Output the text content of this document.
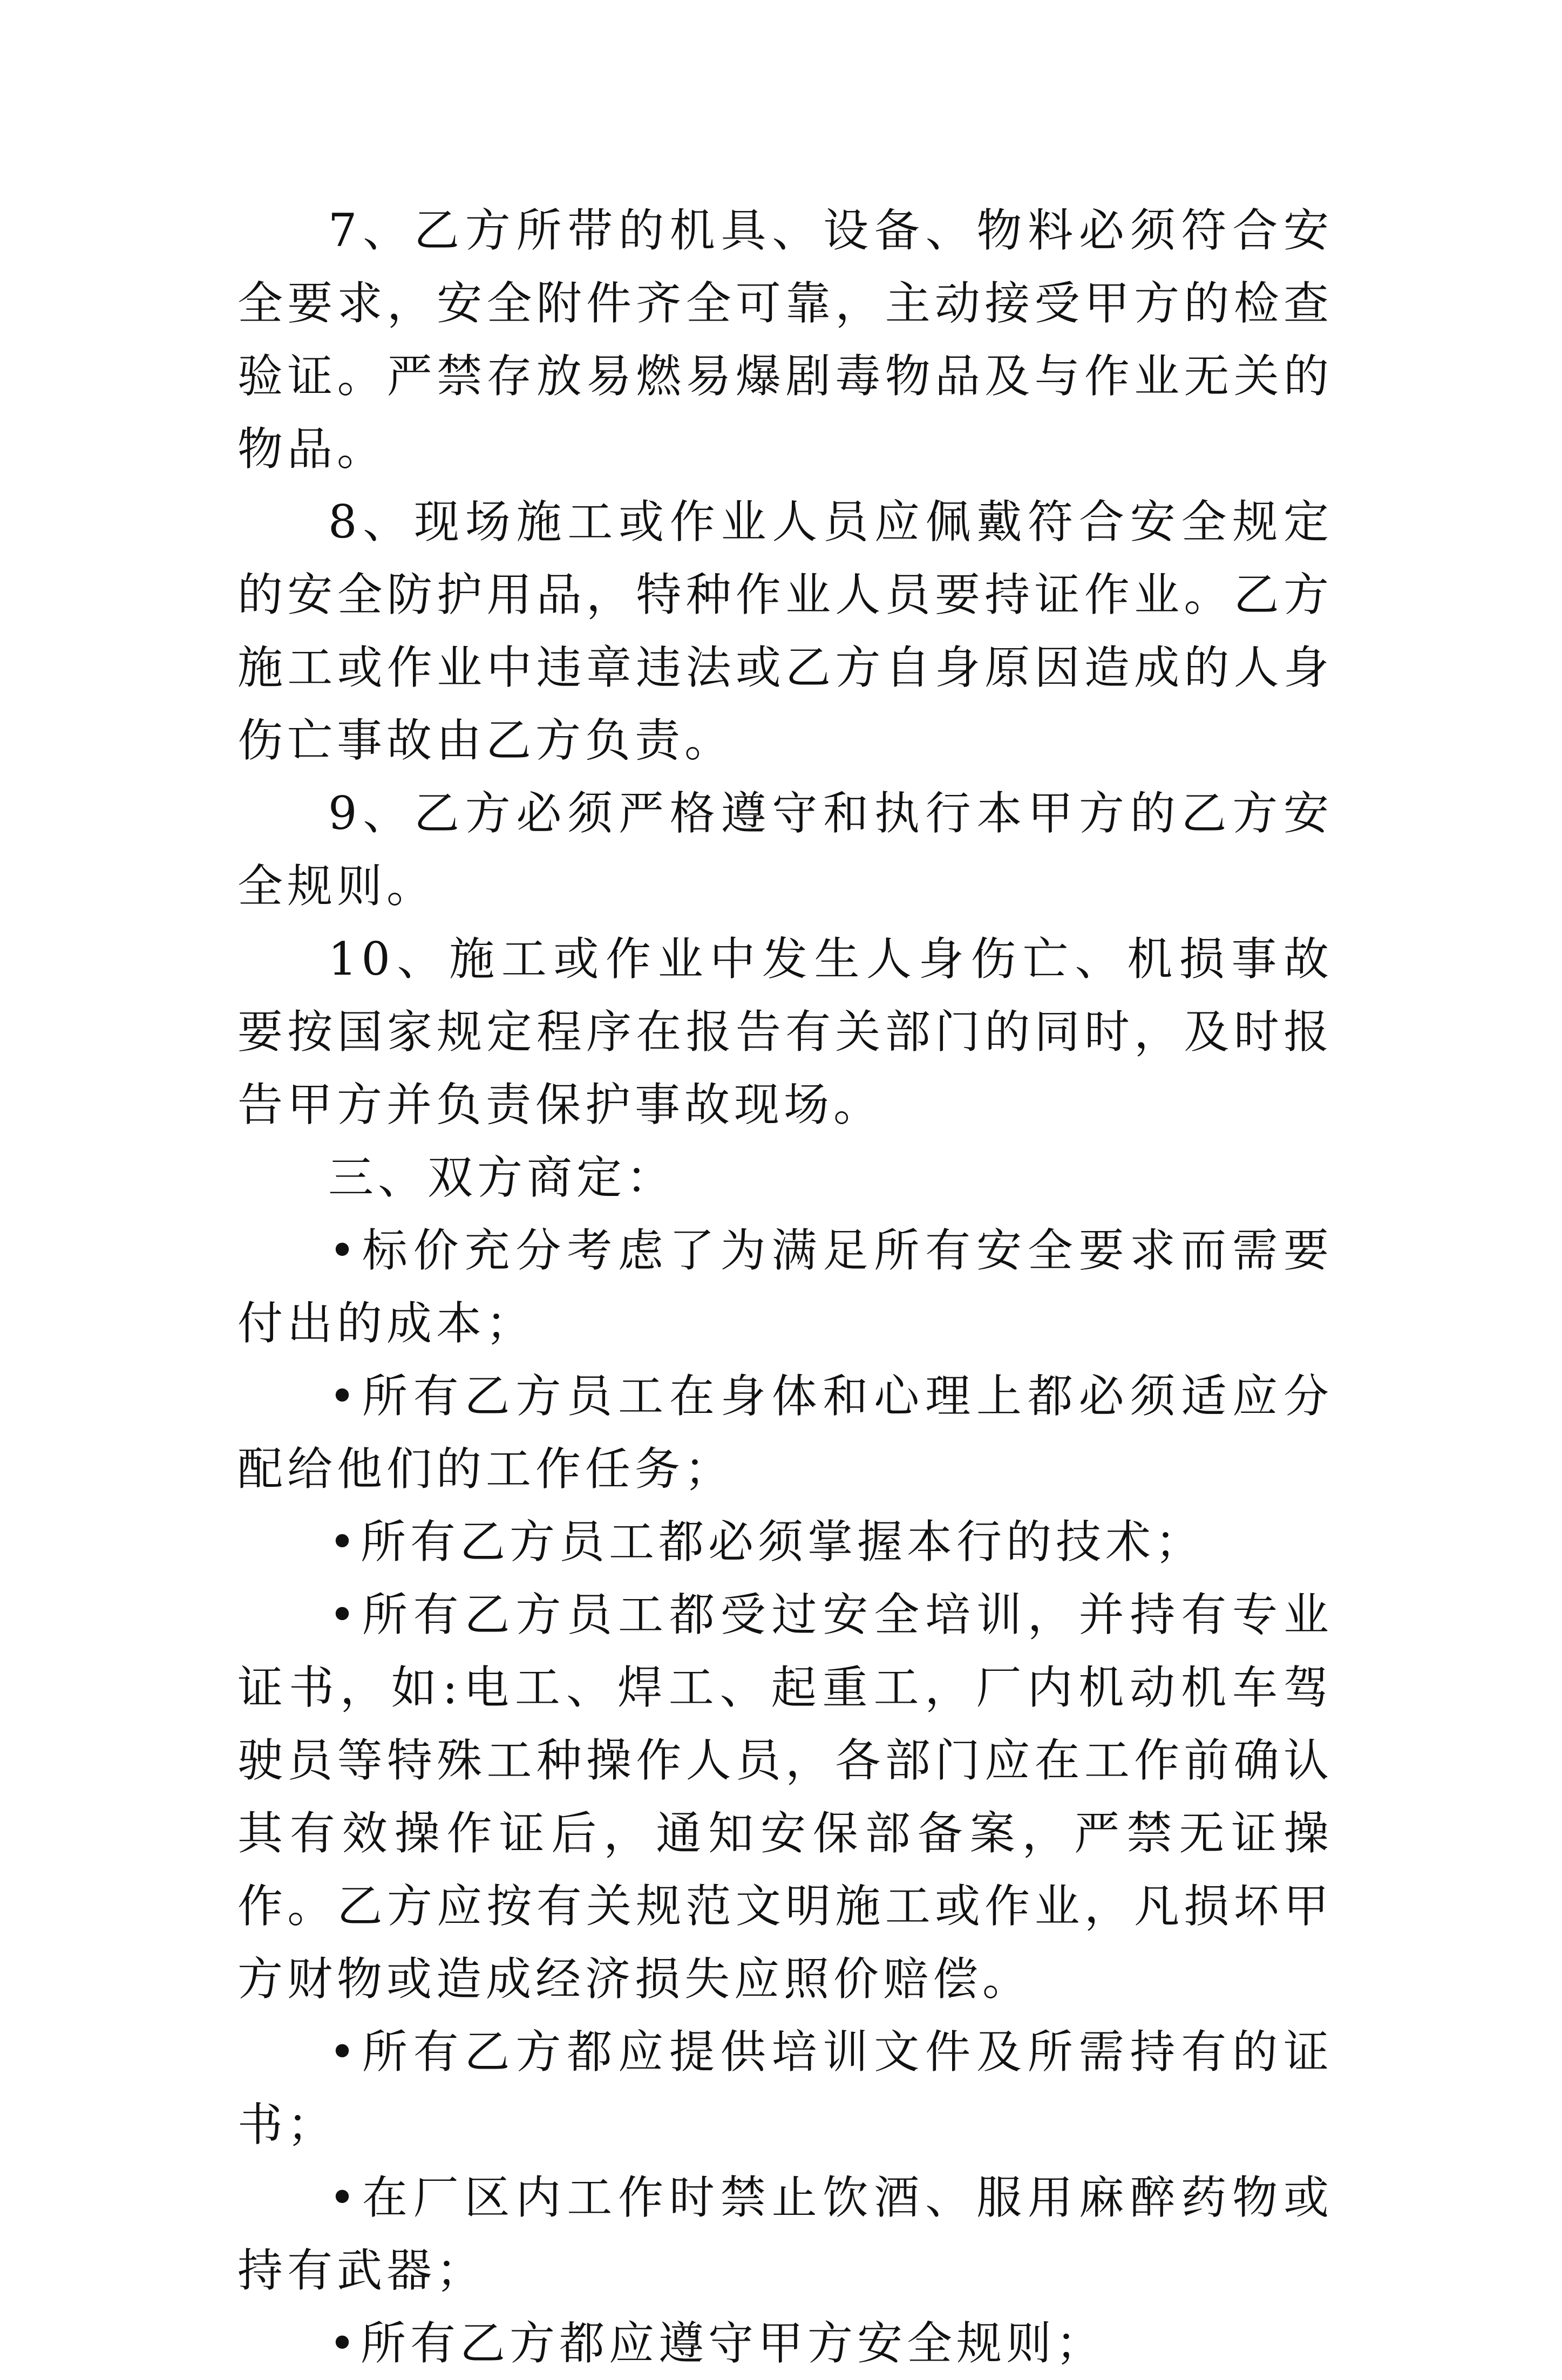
7、乙方所带的机具、设备、物料必须符合安全要求，安全附件齐全可靠，主动接受甲方的检查验证。严禁存放易燃易爆剧毒物品及与作业无关的物品。

8、现场施工或作业人员应佩戴符合安全规定的安全防护用品，特种作业人员要持证作业。乙方施工或作业中违章违法或乙方自身原因造成的人身伤亡事故由乙方负责。

9、乙方必须严格遵守和执行本甲方的乙方安全规则。

10、施工或作业中发生人身伤亡、机损事故要按国家规定程序在报告有关部门的同时，及时报告甲方并负责保护事故现场。

三、双方商定：

•标价充分考虑了为满足所有安全要求而需要付出的成本；

•所有乙方员工在身体和心理上都必须适应分配给他们的工作任务；

•所有乙方员工都必须掌握本行的技术；

•所有乙方员工都受过安全培训，并持有专业证书，如:电工、焊工、起重工，厂内机动机车驾驶员等特殊工种操作人员，各部门应在工作前确认其有效操作证后，通知安保部备案，严禁无证操作。乙方应按有关规范文明施工或作业，凡损坏甲方财物或造成经济损失应照价赔偿。

•所有乙方都应提供培训文件及所需持有的证书；

•在厂区内工作时禁止饮酒、服用麻醉药物或持有武器；

•所有乙方都应遵守甲方安全规则；
